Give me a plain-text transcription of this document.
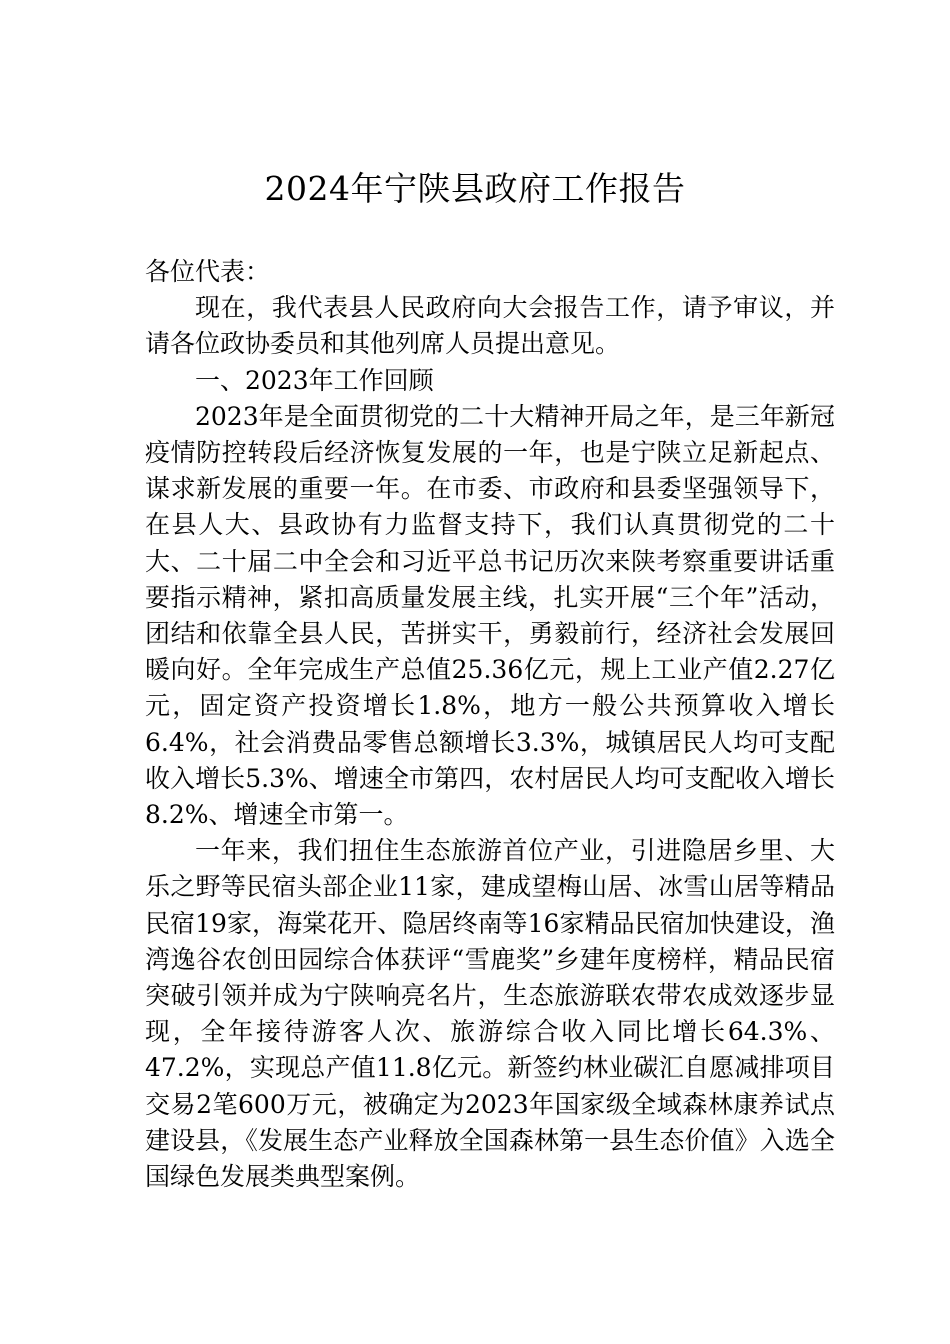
2024年宁陕县政府工作报告

各位代表：

现在，我代表县人民政府向大会报告工作，请予审议，并请各位政协委员和其他列席人员提出意见。

一、2023年工作回顾

2023年是全面贯彻党的二十大精神开局之年，是三年新冠疫情防控转段后经济恢复发展的一年，也是宁陕立足新起点、谋求新发展的重要一年。在市委、市政府和县委坚强领导下，在县人大、县政协有力监督支持下，我们认真贯彻党的二十大、二十届二中全会和习近平总书记历次来陕考察重要讲话重要指示精神，紧扣高质量发展主线，扎实开展“三个年”活动，团结和依靠全县人民，苦拼实干，勇毅前行，经济社会发展回暖向好。全年完成生产总值25.36亿元，规上工业产值2.27亿元，固定资产投资增长1.8%，地方一般公共预算收入增长6.4%，社会消费品零售总额增长3.3%，城镇居民人均可支配收入增长5.3%、增速全市第四，农村居民人均可支配收入增长8.2%、增速全市第一。

一年来，我们扭住生态旅游首位产业，引进隐居乡里、大乐之野等民宿头部企业11家，建成望梅山居、冰雪山居等精品民宿19家，海棠花开、隐居终南等16家精品民宿加快建设，渔湾逸谷农创田园综合体获评“雪鹿奖”乡建年度榜样，精品民宿突破引领并成为宁陕响亮名片，生态旅游联农带农成效逐步显现，全年接待游客人次、旅游综合收入同比增长64.3%、47.2%，实现总产值11.8亿元。新签约林业碳汇自愿减排项目交易2笔600万元，被确定为2023年国家级全域森林康养试点建设县，《发展生态产业释放全国森林第一县生态价值》入选全国绿色发展类典型案例。
